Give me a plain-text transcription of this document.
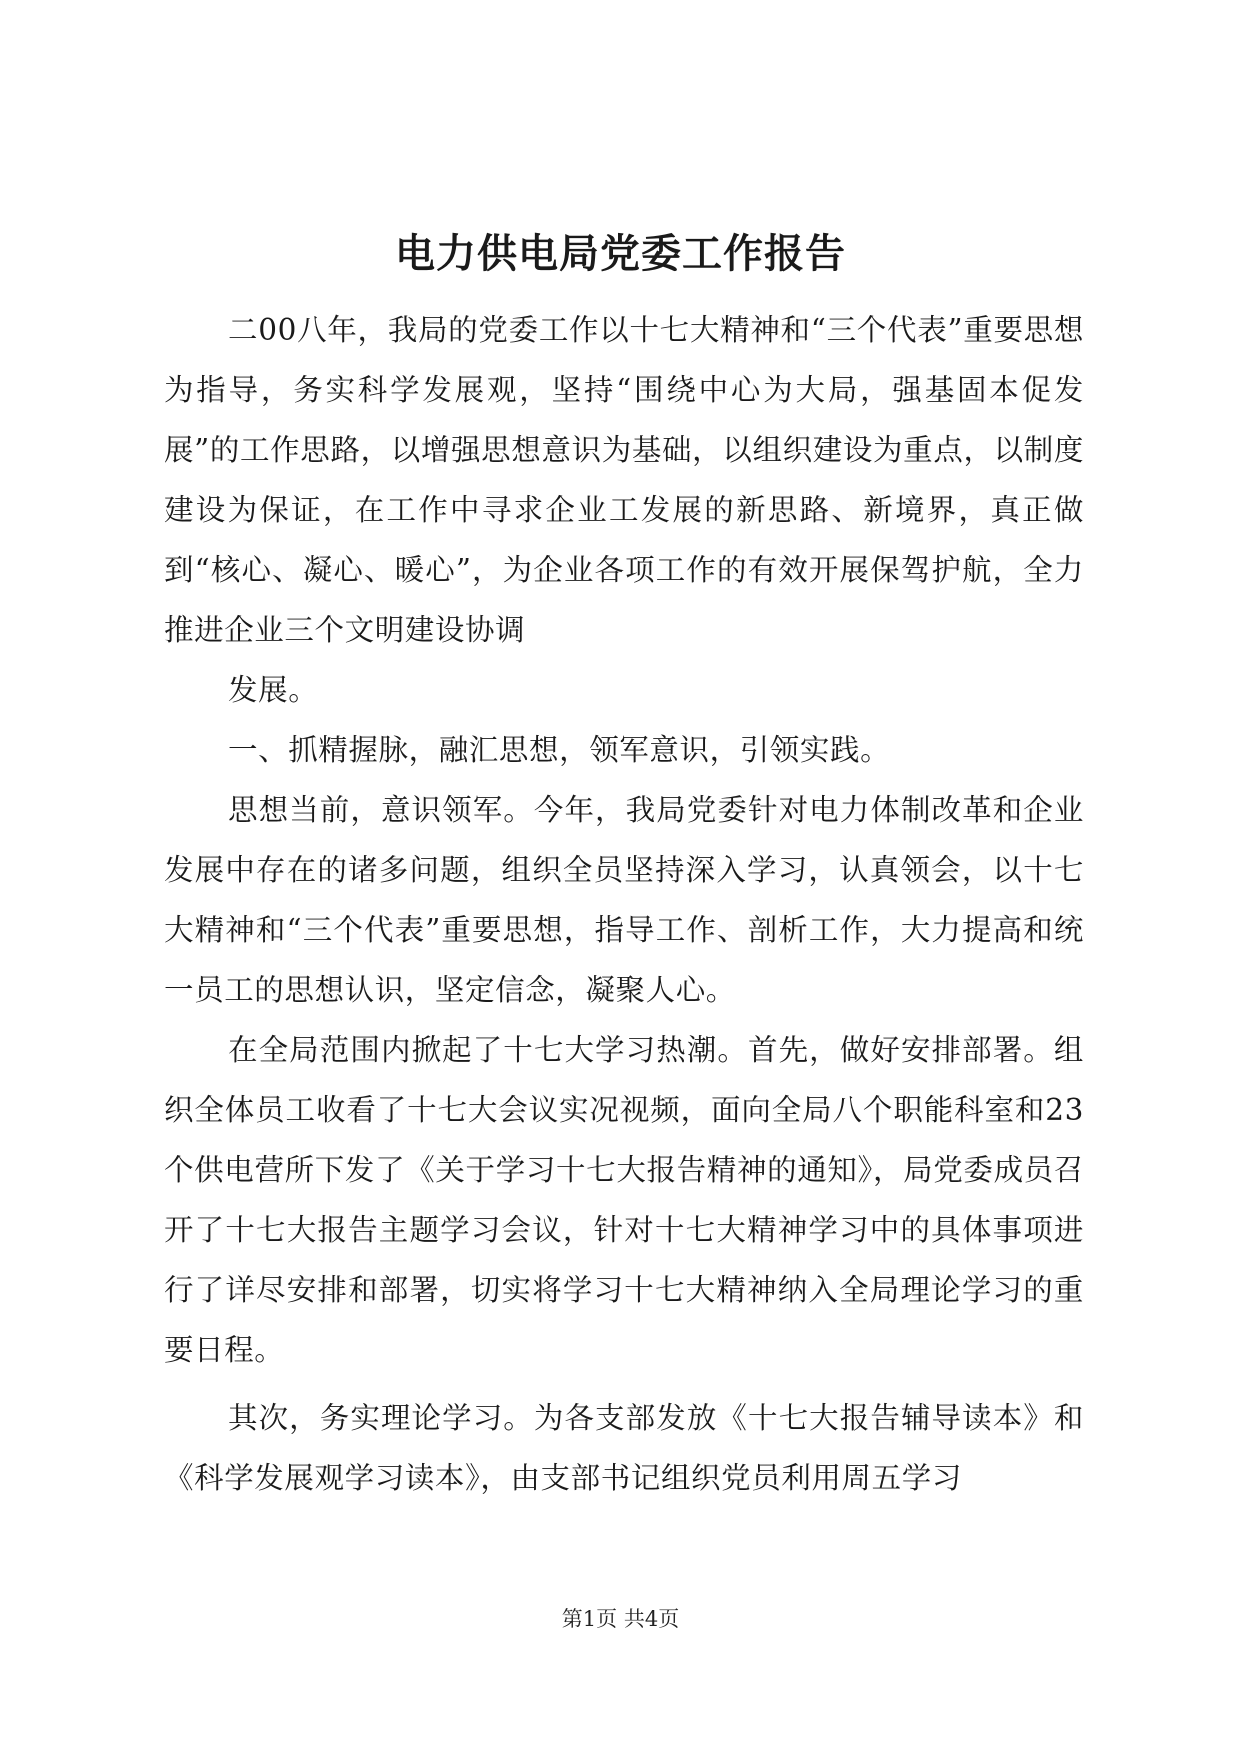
电力供电局党委工作报告

二00八年，我局的党委工作以十七大精神和“三个代表”重要思想为指导，务实科学发展观，坚持“围绕中心为大局，强基固本促发展”的工作思路，以增强思想意识为基础，以组织建设为重点，以制度建设为保证，在工作中寻求企业工发展的新思路、新境界，真正做到“核心、凝心、暖心”，为企业各项工作的有效开展保驾护航，全力推进企业三个文明建设协调

发展。

一、抓精握脉，融汇思想，领军意识，引领实践。

思想当前，意识领军。今年，我局党委针对电力体制改革和企业发展中存在的诸多问题，组织全员坚持深入学习，认真领会，以十七大精神和“三个代表”重要思想，指导工作、剖析工作，大力提高和统一员工的思想认识，坚定信念，凝聚人心。

在全局范围内掀起了十七大学习热潮。首先，做好安排部署。组织全体员工收看了十七大会议实况视频，面向全局八个职能科室和23个供电营所下发了《关于学习十七大报告精神的通知》，局党委成员召开了十七大报告主题学习会议，针对十七大精神学习中的具体事项进行了详尽安排和部署，切实将学习十七大精神纳入全局理论学习的重要日程。

其次，务实理论学习。为各支部发放《十七大报告辅导读本》和《科学发展观学习读本》，由支部书记组织党员利用周五学习

第1页 共4页
